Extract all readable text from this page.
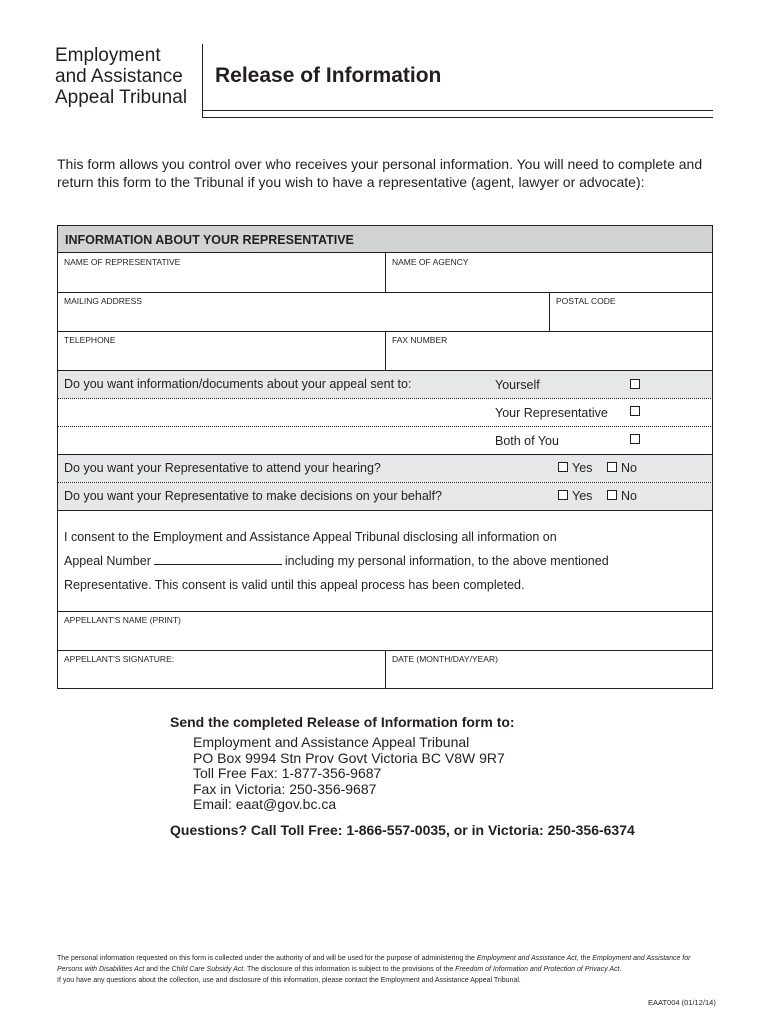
Employment
and Assistance
Appeal Tribunal
Release of Information
This form allows you control over who receives your personal information. You will need to complete and return this form to the Tribunal if you wish to have a representative (agent, lawyer or advocate):
INFORMATION ABOUT YOUR REPRESENTATIVE
NAME OF REPRESENTATIVE	NAME OF AGENCY
MAILING ADDRESS	POSTAL CODE
TELEPHONE	FAX NUMBER
Do you want information/documents about your appeal sent to:	Yourself
Your Representative
Both of You
Do you want your Representative to attend your hearing?	Yes No
Do you want your Representative to make decisions on your behalf?	Yes No
I consent to the Employment and Assistance Appeal Tribunal disclosing all information on
Appeal Number	including my personal information, to the above mentioned
Representative. This consent is valid until this appeal process has been completed.
APPELLANT'S NAME (PRINT)
APPELLANT'S SIGNATURE:	DATE (MONTH/DAY/YEAR)
Send the completed Release of Information form to:
Employment and Assistance Appeal Tribunal
PO Box 9994 Stn Prov Govt Victoria BC V8W 9R7
Toll Free Fax: 1-877-356-9687
Fax in Victoria: 250-356-9687
Email: eaat@gov.bc.ca
Questions? Call Toll Free: 1-866-557-0035, or in Victoria: 250-356-6374
The personal information requested on this form is collected under the authority of and will be used for the purpose of administering the Employment and Assistance Act, the Employment and Assistance for Persons with Disabilities Act and the Child Care Subsidy Act. The disclosure of this information is subject to the provisions of the Freedom of Information and Protection of Privacy Act.
If you have any questions about the collection, use and disclosure of this information, please contact the Employment and Assistance Appeal Tribunal.
EAAT004 (01/12/14)
